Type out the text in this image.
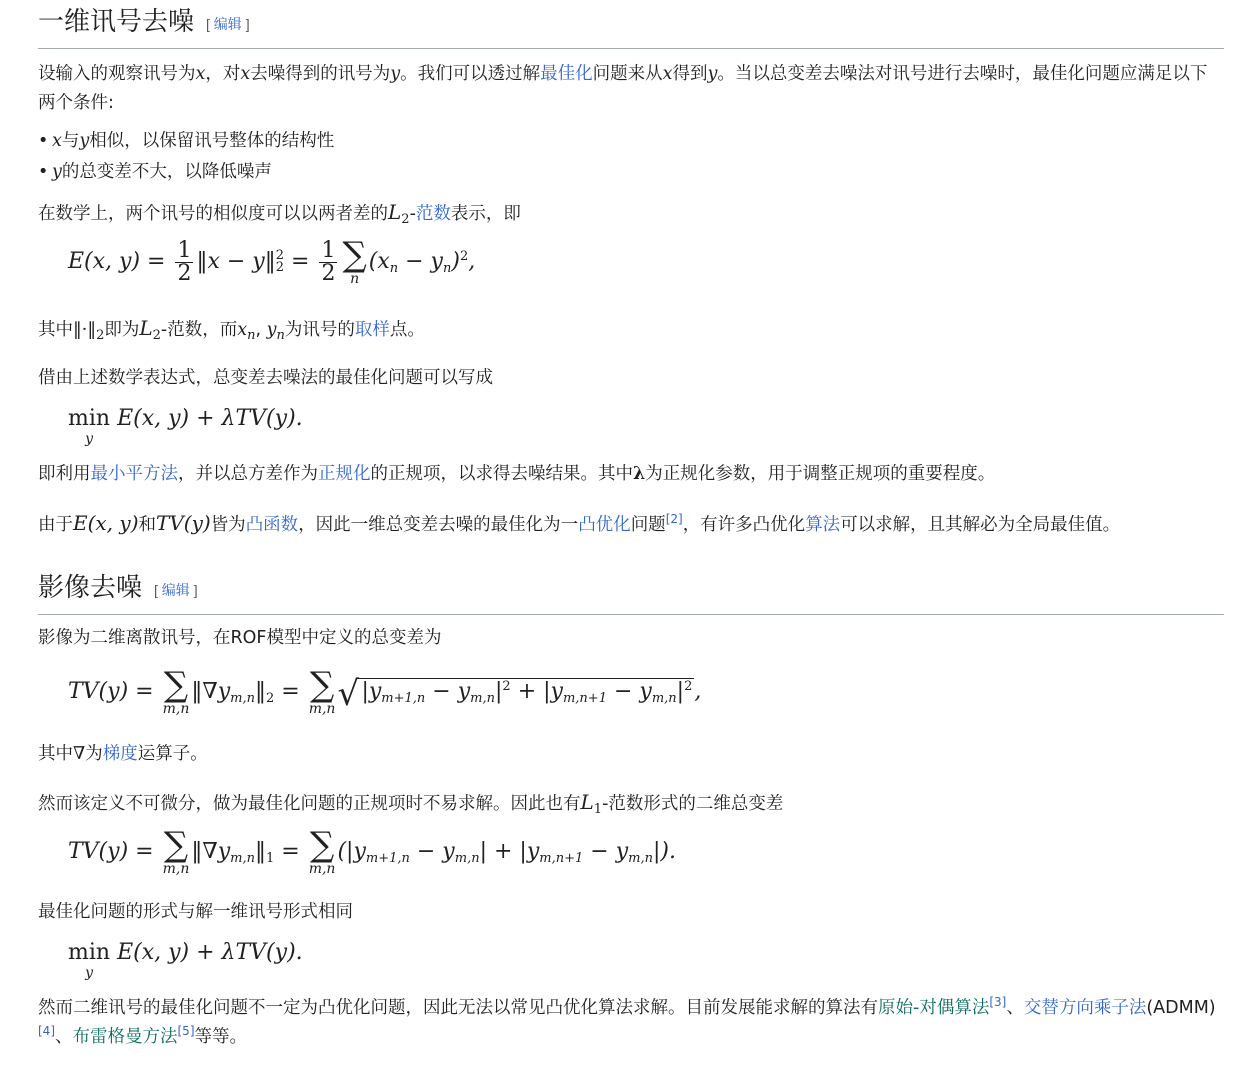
一维讯号去噪 [ 编辑 ]

设输入的观察讯号为x，对x去噪得到的讯号为y。我们可以透过解最佳化问题来从x得到y。当以总变差去噪法对讯号进行去噪时，最佳化问题应满足以下两个条件:

• x与y相似，以保留讯号整体的结构性
• y的总变差不大，以降低噪声

在数学上，两个讯号的相似度可以以两者差的$L_2-$范数表示，即

E(x, $y) = \frac{1}{2}$ ‖x − y‖ 2
$2 = \frac{1}{2}$ ∑
n
$(x_n - y_n)^2$,

其中$‖\cdot‖_2$即为$L_2-$范数，而$x_n$, $y_n$为讯号的取样点。

借由上述数学表达式，总变差去噪法的最佳化问题可以写成

min
y
E(x, y) + λTV(y).

即利用最小平方法，并以总方差作为正规化的正规项，以求得去噪结果。其中λ为正规化参数，用于调整正规项的重要程度。

由于E(x, y)和TV(y)皆为凸函数，因此一维总变差去噪的最佳化为一凸优化问题[2]，有许多凸优化算法可以求解，且其解必为全局最佳值。

影像去噪 [ 编辑 ]

影像为二维离散讯号，在ROF模型中定义的总变差为

TV(y) = ∑
m,n
$‖\nabla y_{m,n}‖_2$ = ∑
m,n √ $|y_{m+1,n} - y_{m,n}|^2 + |y_{m,n+1} - y_{m,n}|^2$,

其中∇为梯度运算子。

然而该定义不可微分，做为最佳化问题的正规项时不易求解。因此也有$L_1-$范数形式的二维总变差

TV(y) = ∑
m,n
$‖\nabla y_{m,n}‖_1$ = ∑
m,n
$(|y_{m+1,n} - y_{m,n}| + |y_{m,n+1} - y_{m,n}|)$.

最佳化问题的形式与解一维讯号形式相同

min
y
E(x, y) + λTV(y).

然而二维讯号的最佳化问题不一定为凸优化问题，因此无法以常见凸优化算法求解。目前发展能求解的算法有原始-对偶算法[3]、交替方向乘子法(ADMM)[4]、布雷格曼方法[5]等等。
